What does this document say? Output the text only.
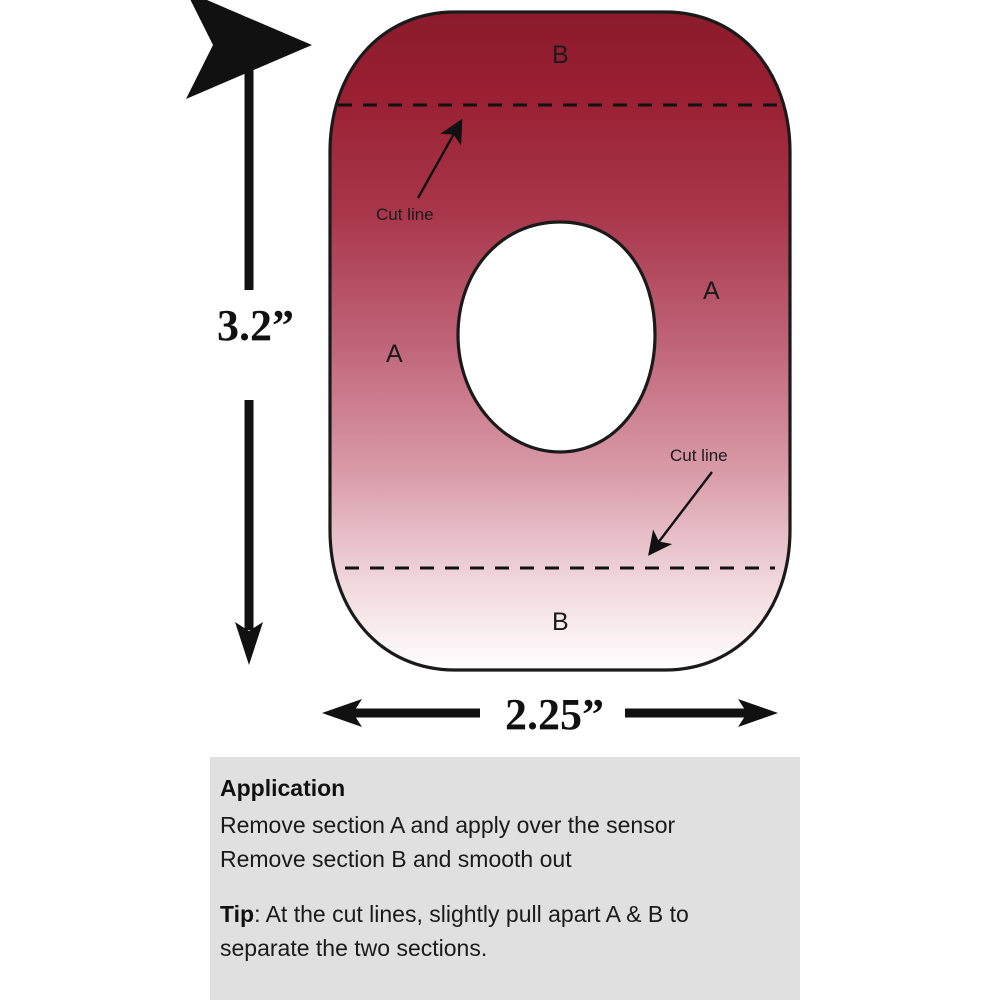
3.2”
2.25”
B
B
A
A
Cut line
Cut line

Application

Remove section A and apply over the sensor

Remove section B and smooth out

Tip: At the cut lines, slightly pull apart A & B to

separate the two sections.
